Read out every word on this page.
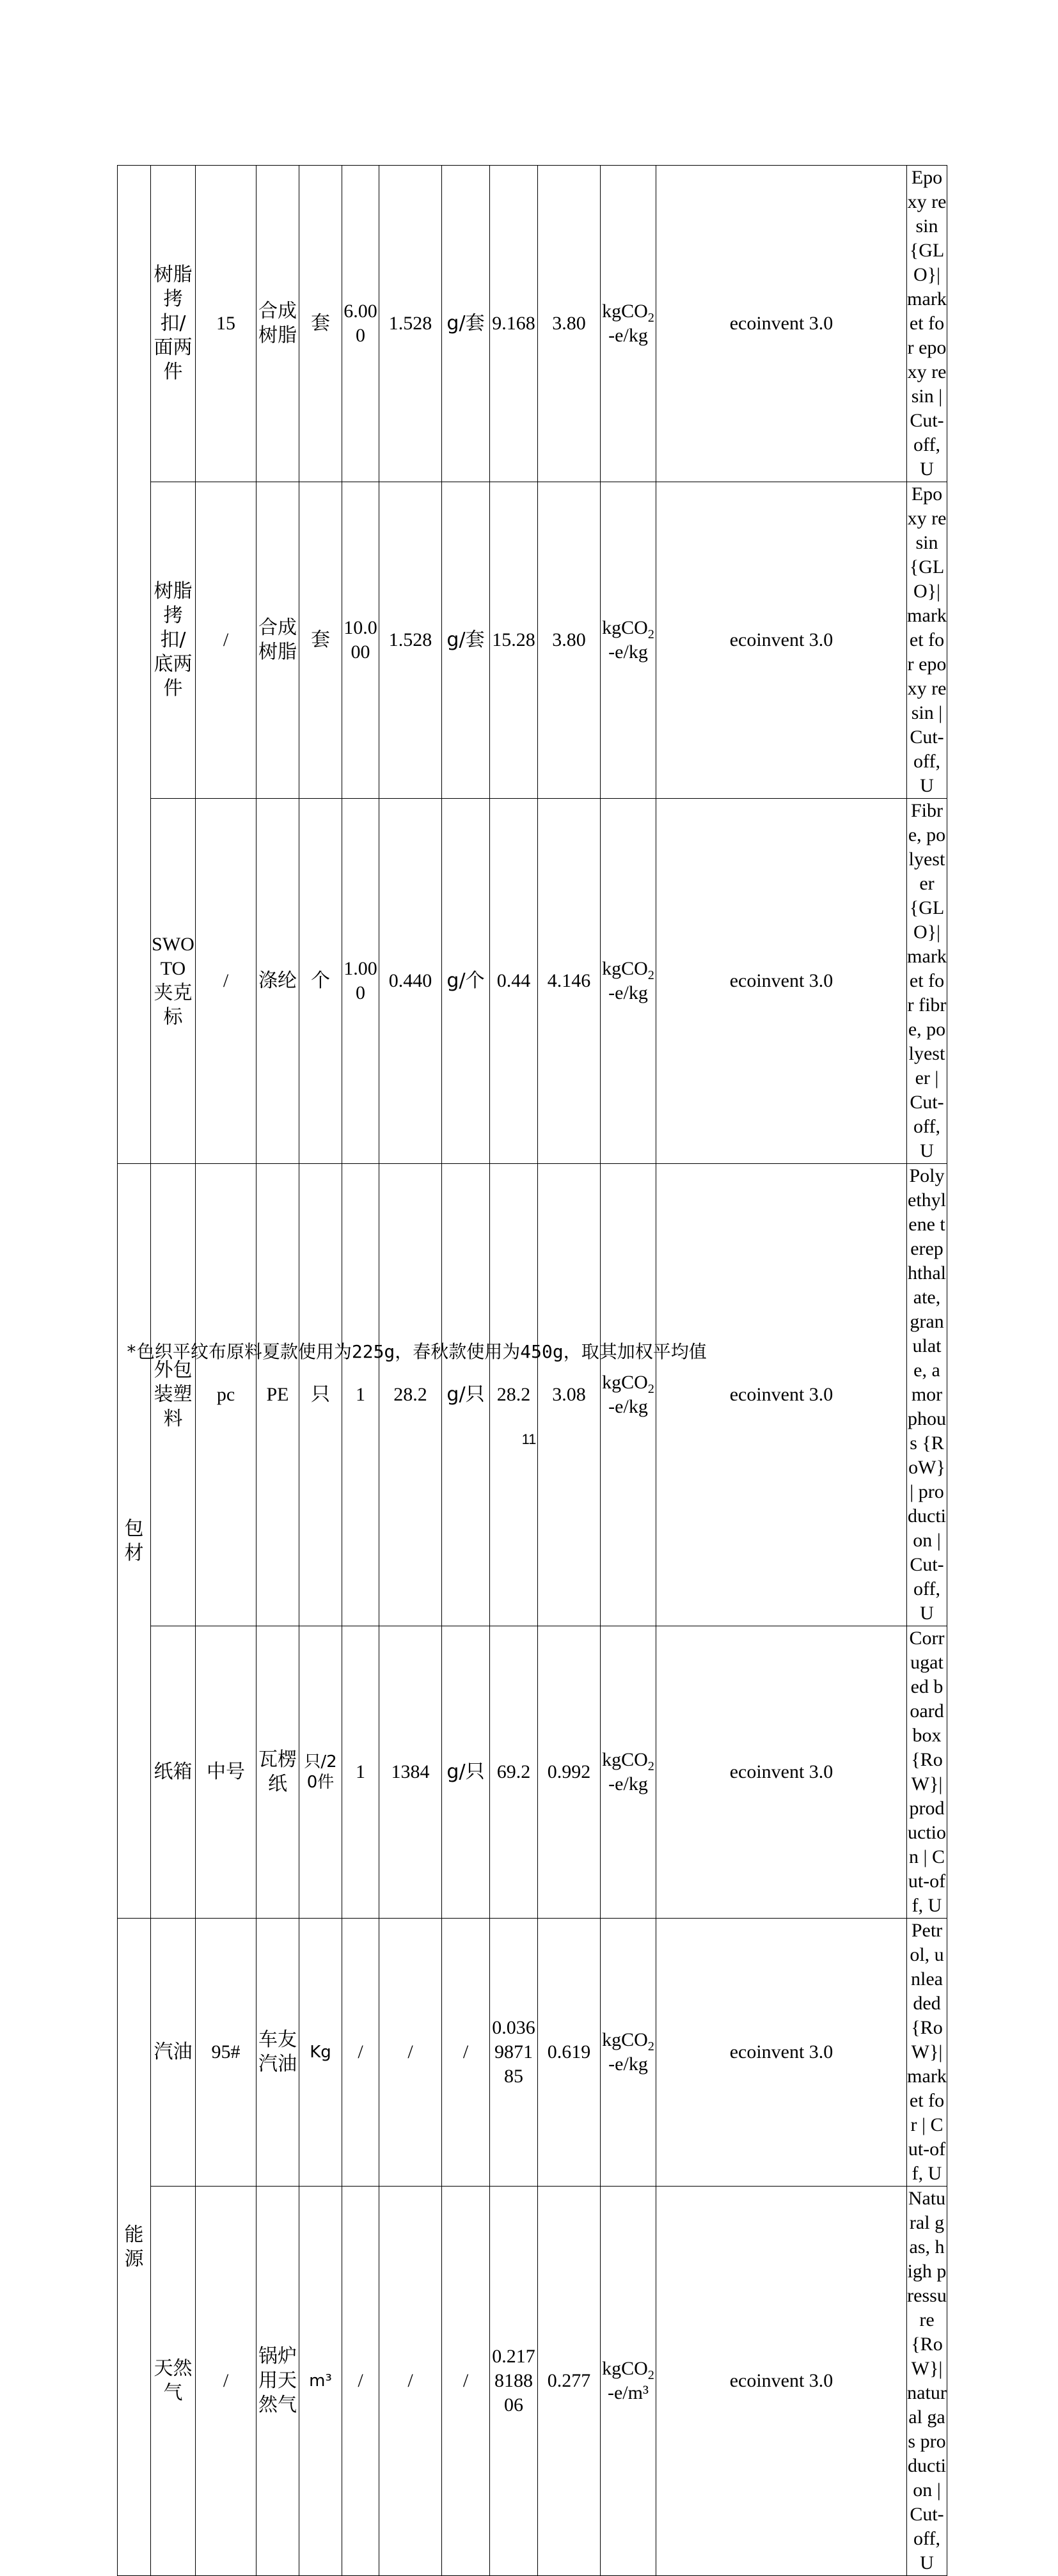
	树脂拷扣/面两件	15	合成树脂	套	6.000	1.528	g/套	9.168	3.80	kgCO$_2$-e/kg	ecoinvent 3.0	Epoxy resin {GLO}| market for epoxy resin | Cut-off, U
	树脂拷扣/底两件	/	合成树脂	套	10.000	1.528	g/套	15.28	3.80	kgCO$_2$-e/kg	ecoinvent 3.0	Epoxy resin {GLO}| market for epoxy resin | Cut-off, U
	SWOTO夹克标	/	涤纶	个	1.000	0.440	g/个	0.44	4.146	kgCO$_2$-e/kg	ecoinvent 3.0	Fibre, polyester {GLO}| market for fibre, polyester | Cut-off, U
包材	外包装塑料	pc	PE	只	1	28.2	g/只	28.2	3.08	kgCO$_2$-e/kg	ecoinvent 3.0	Polyethylene terephthalate, granulate, amorphous {RoW}| production | Cut-off, U
	纸箱	中号	瓦楞纸	只/20件	1	1384	g/只	69.2	0.992	kgCO$_2$-e/kg	ecoinvent 3.0	Corrugated board box {RoW}| production | Cut-off, U
能源	汽油	95#	车友汽油	Kg	/	/	/	0.036987185	0.619	kgCO$_2$-e/kg	ecoinvent 3.0	Petrol, unleaded {RoW}| market for | Cut-off, U
	天然气	/	锅炉用天然气	m³	/	/	/	0.217818806	0.277	kgCO$_2$-e/m³	ecoinvent 3.0	Natural gas, high pressure {RoW}| natural gas production | Cut-off, U
*色织平纹布原料夏款使用为225g，春秋款使用为450g，取其加权平均值
11
